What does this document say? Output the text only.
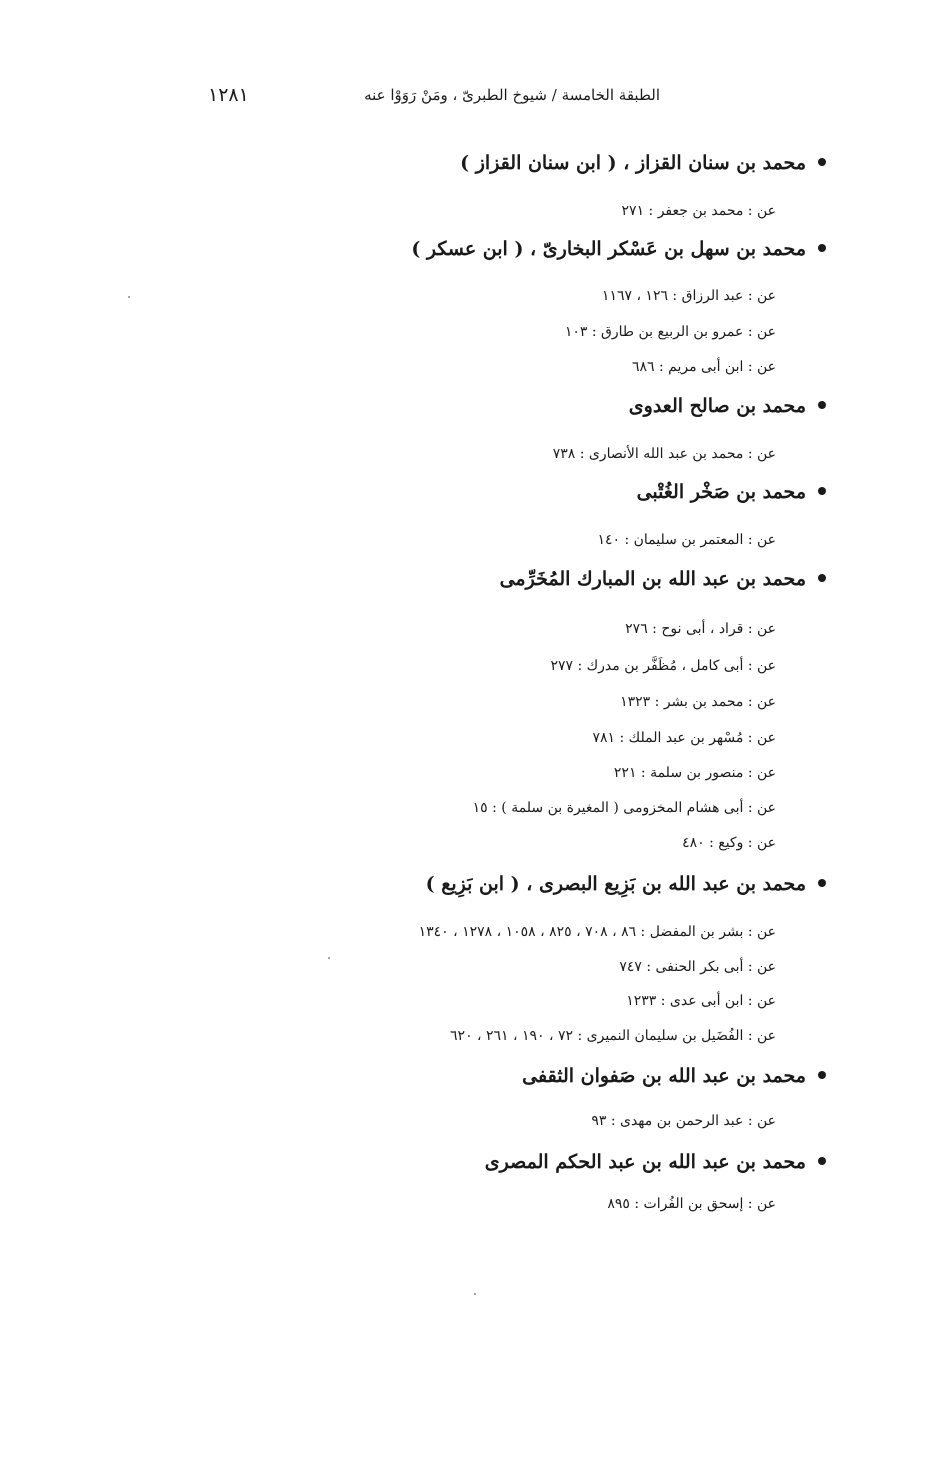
الطبقة الخامسة / شيوخ الطبرىّ ، ومَنْ رَوَوْا عنه
١٢٨١
محمد بن سنان القزاز ، ( ابن سنان القزاز )
عن : محمد بن جعفر : ٢٧١
محمد بن سهل بن عَسْكر البخارىّ ، ( ابن عسكر )
عن : عبد الرزاق : ١٢٦ ، ١١٦٧
عن : عمرو بن الربيع بن طارق : ١٠٣
عن : ابن أبى مريم : ٦٨٦
محمد بن صالح العدوى
عن : محمد بن عبد الله الأنصارى : ٧٣٨
محمد بن صَخْر الغُتْبى
عن : المعتمر بن سليمان : ١٤٠
محمد بن عبد الله بن المبارك المُخَرِّمى
عن : قراد ، أبى نوح : ٢٧٦
عن : أبى كامل ، مُظَفَّر بن مدرك : ٢٧٧
عن : محمد بن بشر : ١٣٢٣
عن : مُسْهر بن عبد الملك : ٧٨١
عن : منصور بن سلمة : ٢٢١
عن : أبى هشام المخزومى ( المغيرة بن سلمة ) : ١٥
عن : وكيع : ٤٨٠
محمد بن عبد الله بن بَزِيع البصرى ، ( ابن بَزِيع )
عن : بشر بن المفضل : ٨٦ ، ٧٠٨ ، ٨٢٥ ، ١٠٥٨ ، ١٢٧٨ ، ١٣٤٠
عن : أبى بكر الحنفى : ٧٤٧
عن : ابن أبى عدى : ١٢٣٣
عن : الفُضَيل بن سليمان النميرى : ٧٢ ، ١٩٠ ، ٢٦١ ، ٦٢٠
محمد بن عبد الله بن صَفوان الثقفى
عن : عبد الرحمن بن مهدى : ٩٣
محمد بن عبد الله بن عبد الحكم المصرى
عن : إسحق بن الفُرات : ٨٩٥
